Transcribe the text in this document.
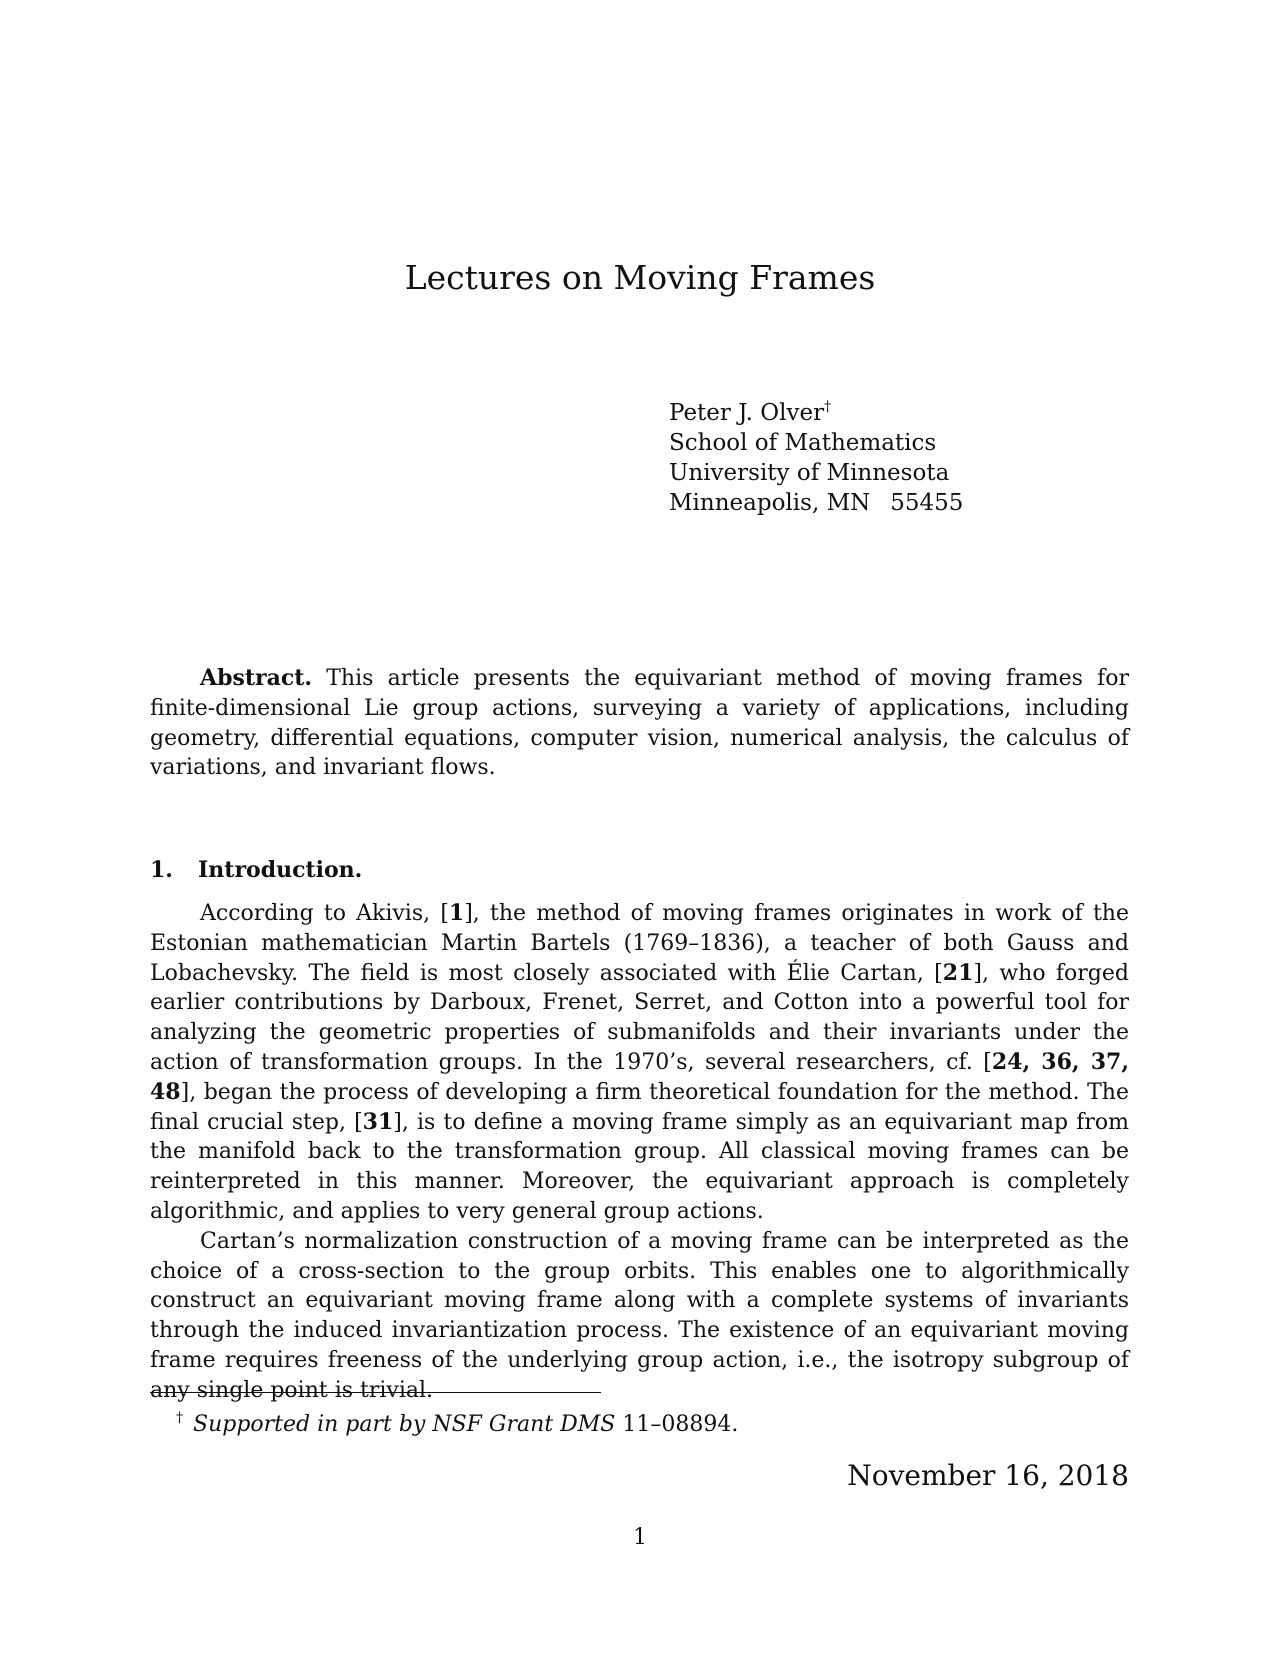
Lectures on Moving Frames
Peter J. Olver†
School of Mathematics
University of Minnesota
Minneapolis, MN 55455

Abstract. This article presents the equivariant method of moving frames for finite-dimensional Lie group actions, surveying a variety of applications, including geometry, differential equations, computer vision, numerical analysis, the calculus of variations, and invariant flows.

1. Introduction.

According to Akivis, [1], the method of moving frames originates in work of the Estonian mathematician Martin Bartels (1769–1836), a teacher of both Gauss and Lobachevsky. The field is most closely associated with Élie Cartan, [21], who forged earlier contributions by Darboux, Frenet, Serret, and Cotton into a powerful tool for analyzing the geometric properties of submanifolds and their invariants under the action of transformation groups. In the 1970’s, several researchers, cf. [24, 36, 37, 48], began the process of developing a firm theoretical foundation for the method. The final crucial step, [31], is to define a moving frame simply as an equivariant map from the manifold back to the transformation group. All classical moving frames can be reinterpreted in this manner. Moreover, the equivariant approach is completely algorithmic, and applies to very general group actions.

Cartan’s normalization construction of a moving frame can be interpreted as the choice of a cross-section to the group orbits. This enables one to algorithmically construct an equivariant moving frame along with a complete systems of invariants through the induced invariantization process. The existence of an equivariant moving frame requires freeness of the underlying group action, i.e., the isotropy subgroup of any single point is trivial.

† Supported in part by NSF Grant DMS 11–08894.
November 16, 2018
1
